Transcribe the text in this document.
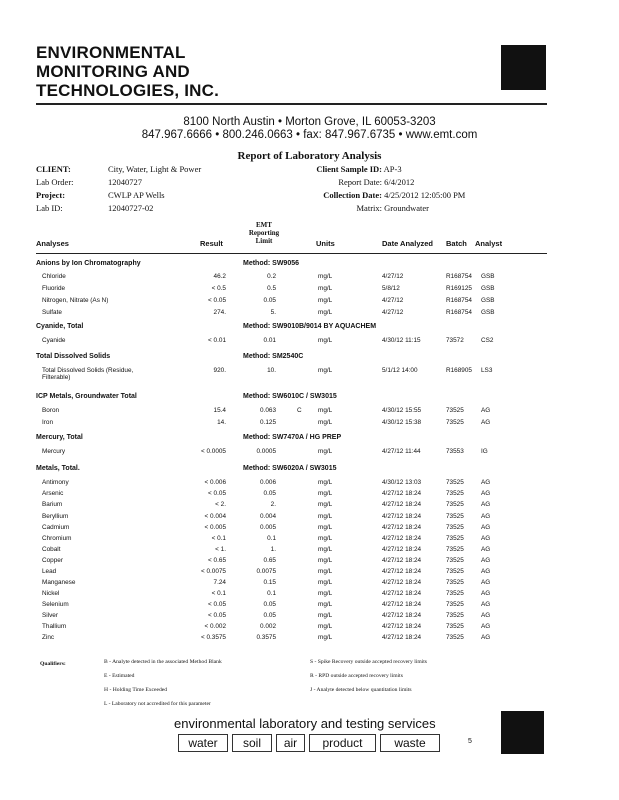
ENVIRONMENTAL
MONITORING AND
TECHNOLOGIES, INC.
8100 North Austin • Morton Grove, IL 60053-3203
847.967.6666 • 800.246.0663 • fax: 847.967.6735 • www.emt.com
Report of Laboratory Analysis
CLIENT:	City, Water, Light & Power
Lab Order:	12040727
Project:	CWLP AP Wells
Lab ID:	12040727-02
Client Sample ID: AP-3
Report Date: 6/4/2012
Collection Date: 4/25/2012 12:05:00 PM
Matrix: Groundwater
Analyses	Result
EMT
Reporting
Limit	Units	Date Analyzed Batch Analyst
Anions by Ion Chromatography	Method: SW9056
Chloride	46.2	0.2	mg/L	4/27/12	R168754	GSB
Fluoride	< 0.5	0.5	mg/L	5/8/12	R169125	GSB
Nitrogen, Nitrate (As N)	< 0.05	0.05	mg/L	4/27/12	R168754	GSB
Sulfate	274.	5.	mg/L	4/27/12	R168754	GSB
Cyanide, Total	Method: SW9010B/9014 BY AQUACHEM
Cyanide	< 0.01	0.01	mg/L	4/30/12 11:15	73572	CS2
Total Dissolved Solids	Method: SM2540C
Total Dissolved Solids (Residue, Filterable)
920.	10.	mg/L	5/1/12 14:00	R168905	LS3
ICP Metals, Groundwater Total	Method: SW6010C / SW3015
Boron	15.4	0.063	C	mg/L	4/30/12 15:55	73525	AG
Iron	14.	0.125	mg/L	4/30/12 15:38	73525	AG
Mercury, Total	Method: SW7470A / HG PREP
Mercury	< 0.0005	0.0005	mg/L	4/27/12 11:44	73553	IG
Metals, Total.	Method: SW6020A / SW3015
Antimony	< 0.006	0.006	mg/L	4/30/12 13:03	73525	AG
Arsenic	< 0.05	0.05	mg/L	4/27/12 18:24	73525	AG
Barium	< 2.	2.	mg/L	4/27/12 18:24	73525	AG
Beryllium	< 0.004	0.004	mg/L	4/27/12 18:24	73525	AG
Cadmium	< 0.005	0.005	mg/L	4/27/12 18:24	73525	AG
Chromium	< 0.1	0.1	mg/L	4/27/12 18:24	73525	AG
Cobalt	< 1.	1.	mg/L	4/27/12 18:24	73525	AG
Copper	< 0.65	0.65	mg/L	4/27/12 18:24	73525	AG
Lead	< 0.0075	0.0075	mg/L	4/27/12 18:24	73525	AG
Manganese	7.24	0.15	mg/L	4/27/12 18:24	73525	AG
Nickel	< 0.1	0.1	mg/L	4/27/12 18:24	73525	AG
Selenium	< 0.05	0.05	mg/L	4/27/12 18:24	73525	AG
Silver	< 0.05	0.05	mg/L	4/27/12 18:24	73525	AG
Thallium	< 0.002	0.002	mg/L	4/27/12 18:24	73525	AG
Zinc	< 0.3575	0.3575	mg/L	4/27/12 18:24	73525	AG
Qualifiers:	B - Analyte detected in the associated Method Blank
E - Estimated
H - Holding Time Exceeded
L - Laboratory not accredited for this parameter
S - Spike Recovery outside accepted recovery limits
R - RPD outside accepted recovery limits
J - Analyte detected below quantitation limits
environmental laboratory and testing services
water	soil	air	product	waste	5
